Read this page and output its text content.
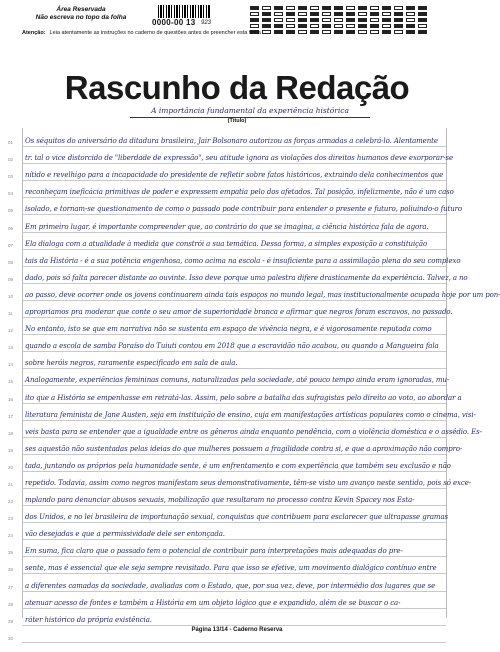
Área Reservada
Não escreva no topo da folha
0000-00 13 923
Atenção: Leia atentamente as instruções no caderno de questões antes de preencher esta folha
Rascunho da Redação
A importância fundamental da experiência histórica
(Título)
01 Os séquitos do aniversário da ditadura brasileira, Jair Bolsonaro autorizou as forças armadas a celebrá-lo. Alentamente
02 tr. tal o vice distorcido de "liberdade de expressão", seu atitude ignora as violações dos direitos humanos deve exorporar-se
03 nítido e revelhigo para a incapacidade do presidente de refletir sobre fatos históricos, extraindo dela conhecimentos que
04 reconheçam ineficácia primitivas de poder e expressem empatia pelo dos afetados. Tal posição, infelizmente, não é um caso
05 isolado, e tornam-se questionamento de como o passado pode contribuir para entender o presente e futuro, poliuindo-o futuro
06 Em primeiro lugar, é importante compreender que, ao contrário do que se imagina, a ciência histórica fala de agora.
07 Ela dialoga com a atualidade à medida que constrói a sua temática. Dessa forma, a simples exposição a constituição
08 tais da História - é a sua potência engenhosa, como acima na escola - é insuficiente para a assimilação plena do seu complexo
09 dado, pois só falta parecer distante ao ouvinte. Isso deve porque uma palestra difere drasticamente da experiência. Talvez, a no
10 ao passo, deve ocorrer onde os jovens continuarem ainda tais espaços no mundo legal, mas institucionalmente ocupada hoje por um pon-
11 apropriamos pra moderar que conte o seu amor de superioridade branca e afirmar que negros foram escravos, no passado.
12 No entanto, isto se que em narrativa não se sustenta em espaço de vivência negra, e é vigorosamente reputada como
13 quando a escola de samba Paraíso do Tuiuti contou em 2018 que a escravidão não acabou, ou quando a Mangueira fala
14 sobre heróis negros, raramente especificado em sala de aula.
15 Analogamente, experiências femininas comuns, naturalizadas pela sociedade, até pouco tempo ainda eram ignoradas, mu-
16 ito que a História se empenhasse em retratá-las. Assim, pelo sobre a batalha das sufragistas pelo direito ao voto, ao abordar a
17 literatura feminista de Jane Austen, seja em instituição de ensino, cuja em manifestações artísticas populares como o cinema, visi-
18 veis basta para se entender que a igualdade entre os gêneros ainda enquanto pendência, com a violência doméstica e o assédio. Es-
19 ses aquestão não sustentadas pelas ideias do que mulheres possuem a fragilidade contra si, e que a aproximação não compro-
20 tada, juntando os próprios pela humanidade sente, é um enfrentamento e com experiência que também seu exclusão e não
21 repetido. Todavia, assim como negros manifestam seus demonstrativamente, têm-se visto um avanço neste sentido, pois só exce-
22 mplando para denunciar abusos sexuais, mobilização que resultaram no processo contra Kevin Spacey nos Esta-
23 dos Unidos, e no lei brasileira de importunação sexual, conquistas que contribuem para esclarecer que ultrapasse gramas
24 vão desejadas e que a permissividade dele ser entonçada.
25 Em suma, fica claro que o passado tem o potencial de contribuir para interpretações mais adequadas do pre-
26 sente, mas é essencial que ele seja sempre revisitado. Para que isso se efetive, um movimento dialógico contínuo entre
27 a diferentes camadas da sociedade, avaliadas com o Estado, que, por sua vez, deve, por intermédio dos lugares que se
28 atenuar acesso de fontes e também a História em um objeto lógico que e expandido, além de se buscar o ca-
29 ráter histórico da própria existência.
30
Página 13/14 - Caderno Reserva
